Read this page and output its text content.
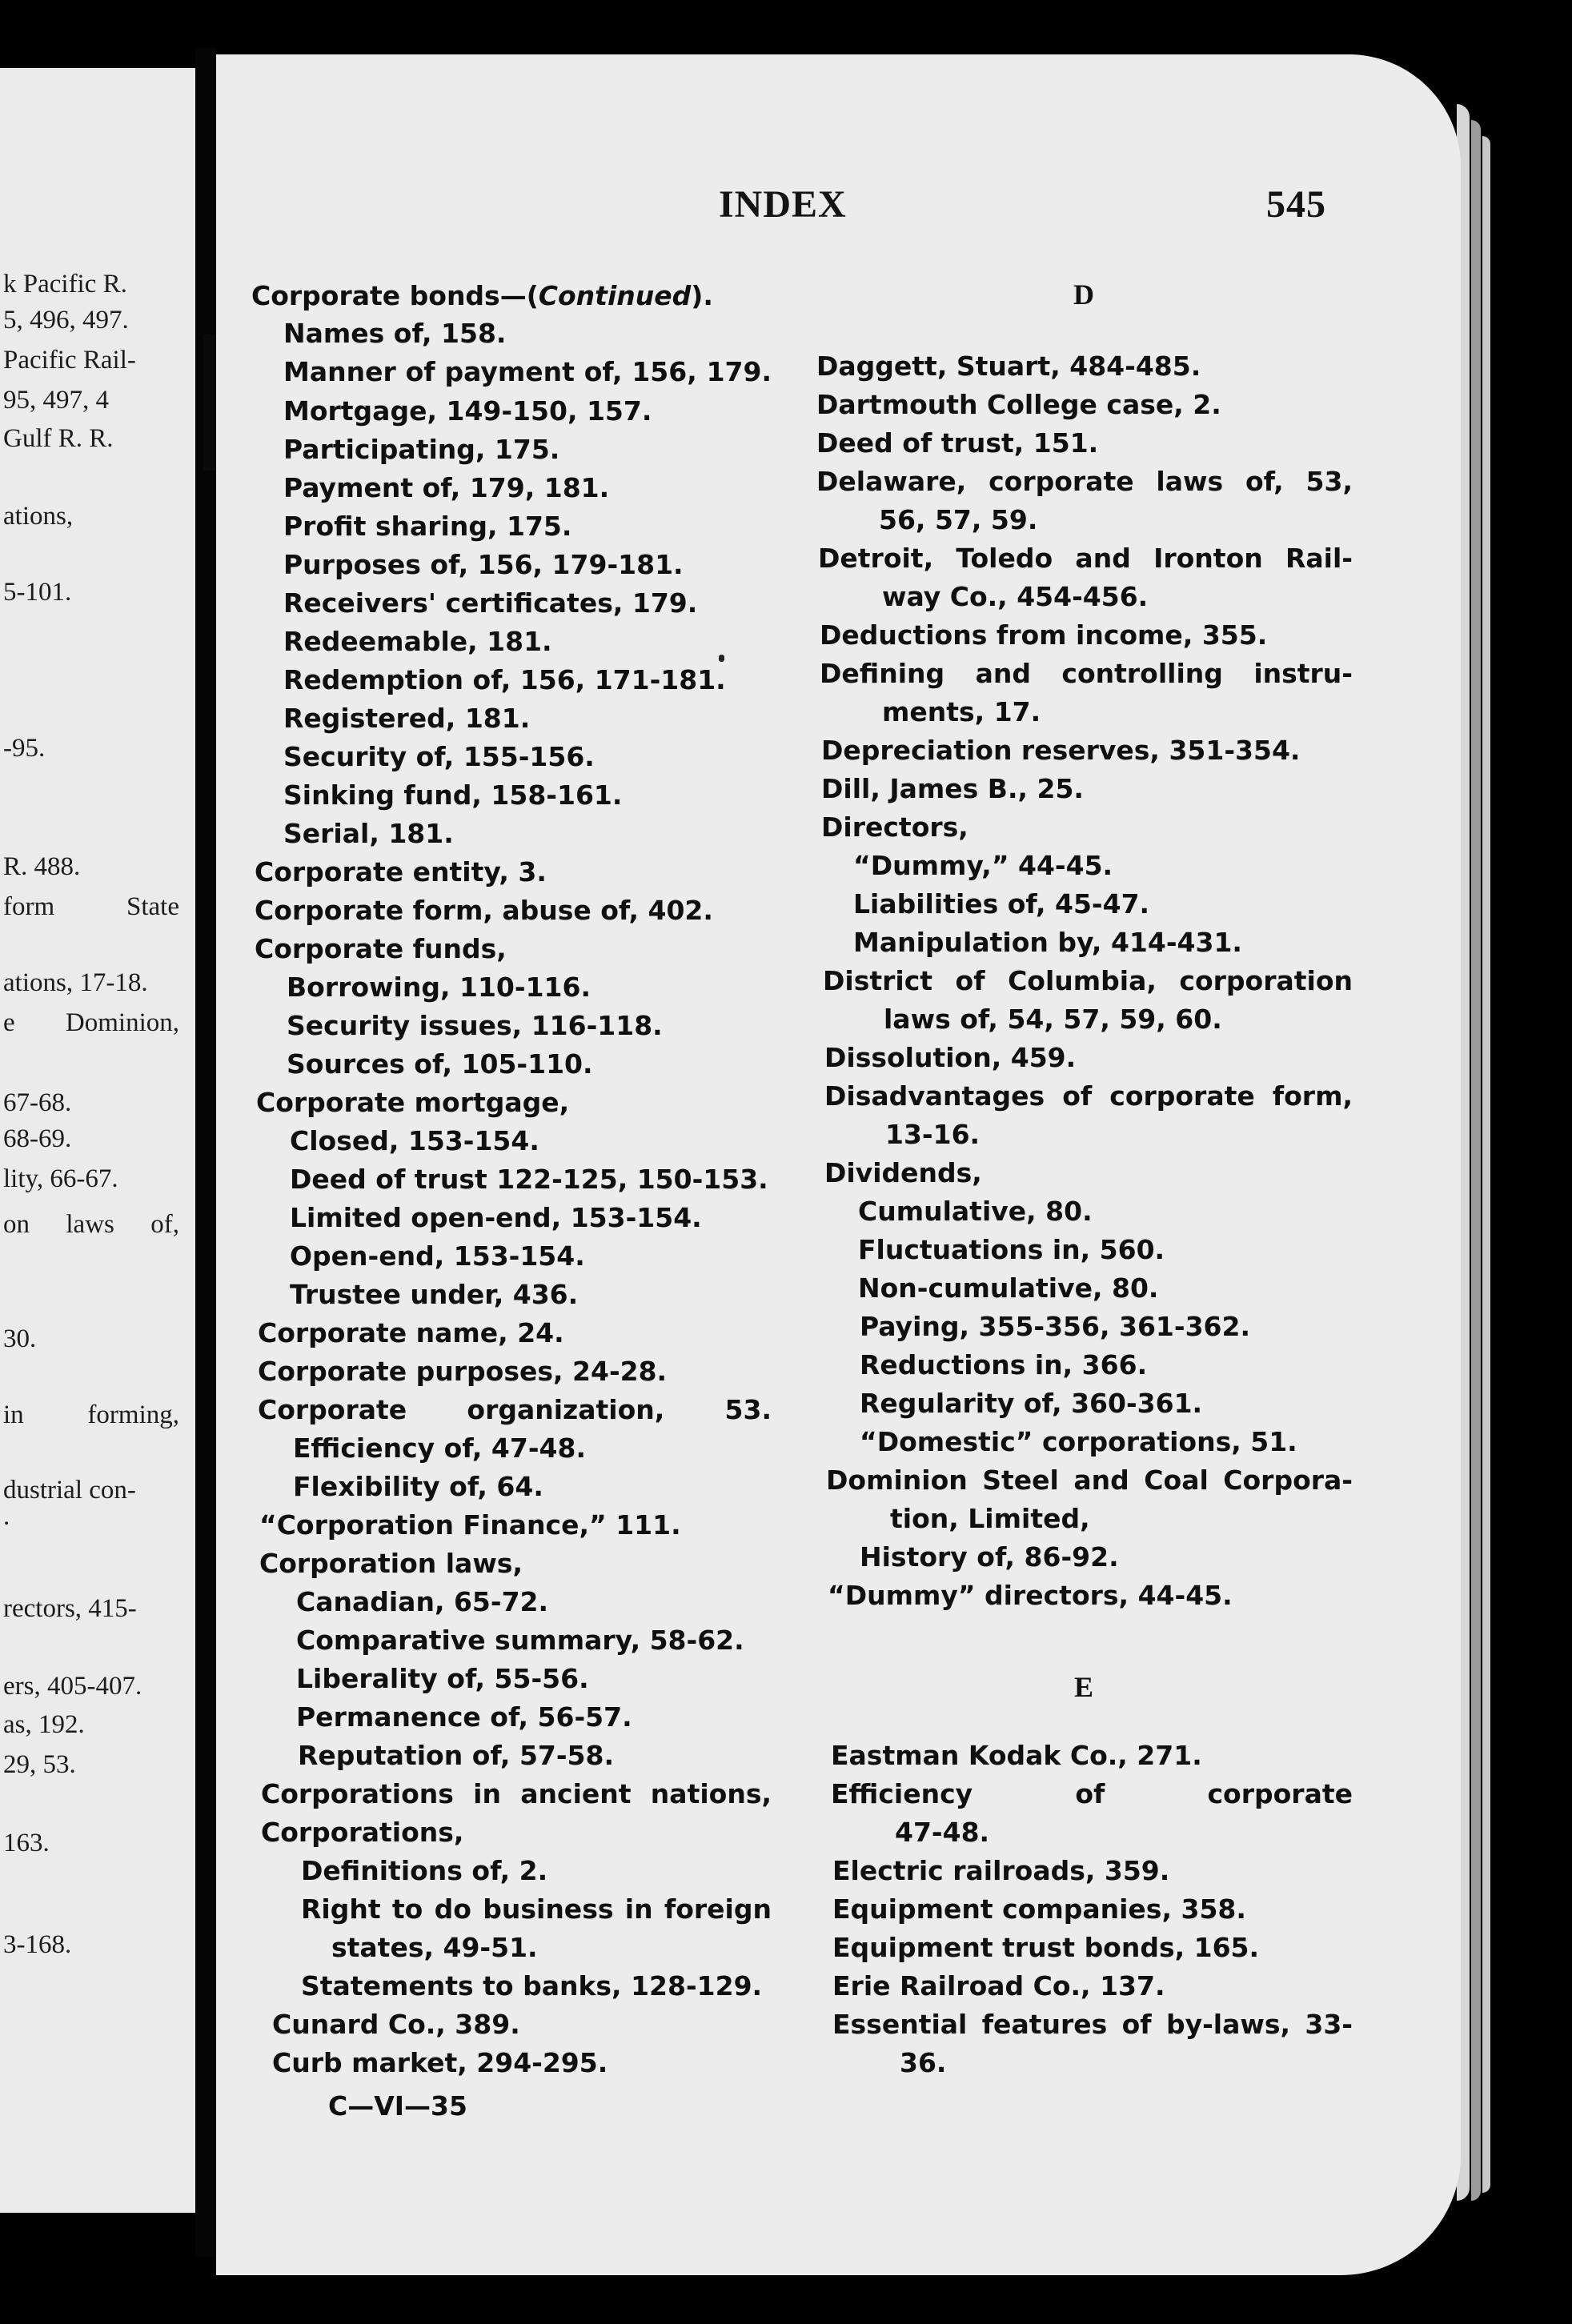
k Pacific R.
5, 496, 497.
Pacific Rail-
95, 497, 4
Gulf R. R.
ations,
5-101.
-95.
R. 488.
form State
ations, 17-18.
e Dominion,
67-68.
68-69.
lity, 66-67.
on laws of,
30.
in forming,
dustrial con-
.
rectors, 415-
ers, 405-407.
as, 192.
29, 53.
163.
3-168.
INDEX	545
Corporate bonds—(Continued).
Names of, 158.
Manner of payment of, 156, 179.
Mortgage, 149-150, 157.
Participating, 175.
Payment of, 179, 181.
Profit sharing, 175.
Purposes of, 156, 179-181.
Receivers' certificates, 179.
Redeemable, 181.
Redemption of, 156, 171-181.
Registered, 181.
Security of, 155-156.
Sinking fund, 158-161.
Serial, 181.
Corporate entity, 3.
Corporate form, abuse of, 402.
Corporate funds,
Borrowing, 110-116.
Security issues, 116-118.
Sources of, 105-110.
Corporate mortgage,
Closed, 153-154.
Deed of trust 122-125, 150-153.
Limited open-end, 153-154.
Open-end, 153-154.
Trustee under, 436.
Corporate name, 24.
Corporate purposes, 24-28.
Corporate organization, 53.
Efficiency of, 47-48.
Flexibility of, 64.
“Corporation Finance,” 111.
Corporation laws,
Canadian, 65-72.
Comparative summary, 58-62.
Liberality of, 55-56.
Permanence of, 56-57.
Reputation of, 57-58.
Corporations in ancient nations,
Corporations,
Definitions of, 2.
Right to do business in foreign
states, 49-51.
Statements to banks, 128-129.
Cunard Co., 389.
Curb market, 294-295.
C—VI—35
D
Daggett, Stuart, 484-485.
Dartmouth College case, 2.
Deed of trust, 151.
Delaware, corporate laws of, 53,
56, 57, 59.
Detroit, Toledo and Ironton Rail-
way Co., 454-456.
Deductions from income, 355.
Defining and controlling instru-
ments, 17.
Depreciation reserves, 351-354.
Dill, James B., 25.
Directors,
“Dummy,” 44-45.
Liabilities of, 45-47.
Manipulation by, 414-431.
District of Columbia, corporation
laws of, 54, 57, 59, 60.
Dissolution, 459.
Disadvantages of corporate form,
13-16.
Dividends,
Cumulative, 80.
Fluctuations in, 560.
Non-cumulative, 80.
Paying, 355-356, 361-362.
Reductions in, 366.
Regularity of, 360-361.
“Domestic” corporations, 51.
Dominion Steel and Coal Corpora-
tion, Limited,
History of, 86-92.
“Dummy” directors, 44-45.
E
Eastman Kodak Co., 271.
Efficiency of corporate
47-48.
Electric railroads, 359.
Equipment companies, 358.
Equipment trust bonds, 165.
Erie Railroad Co., 137.
Essential features of by-laws, 33-
36.
